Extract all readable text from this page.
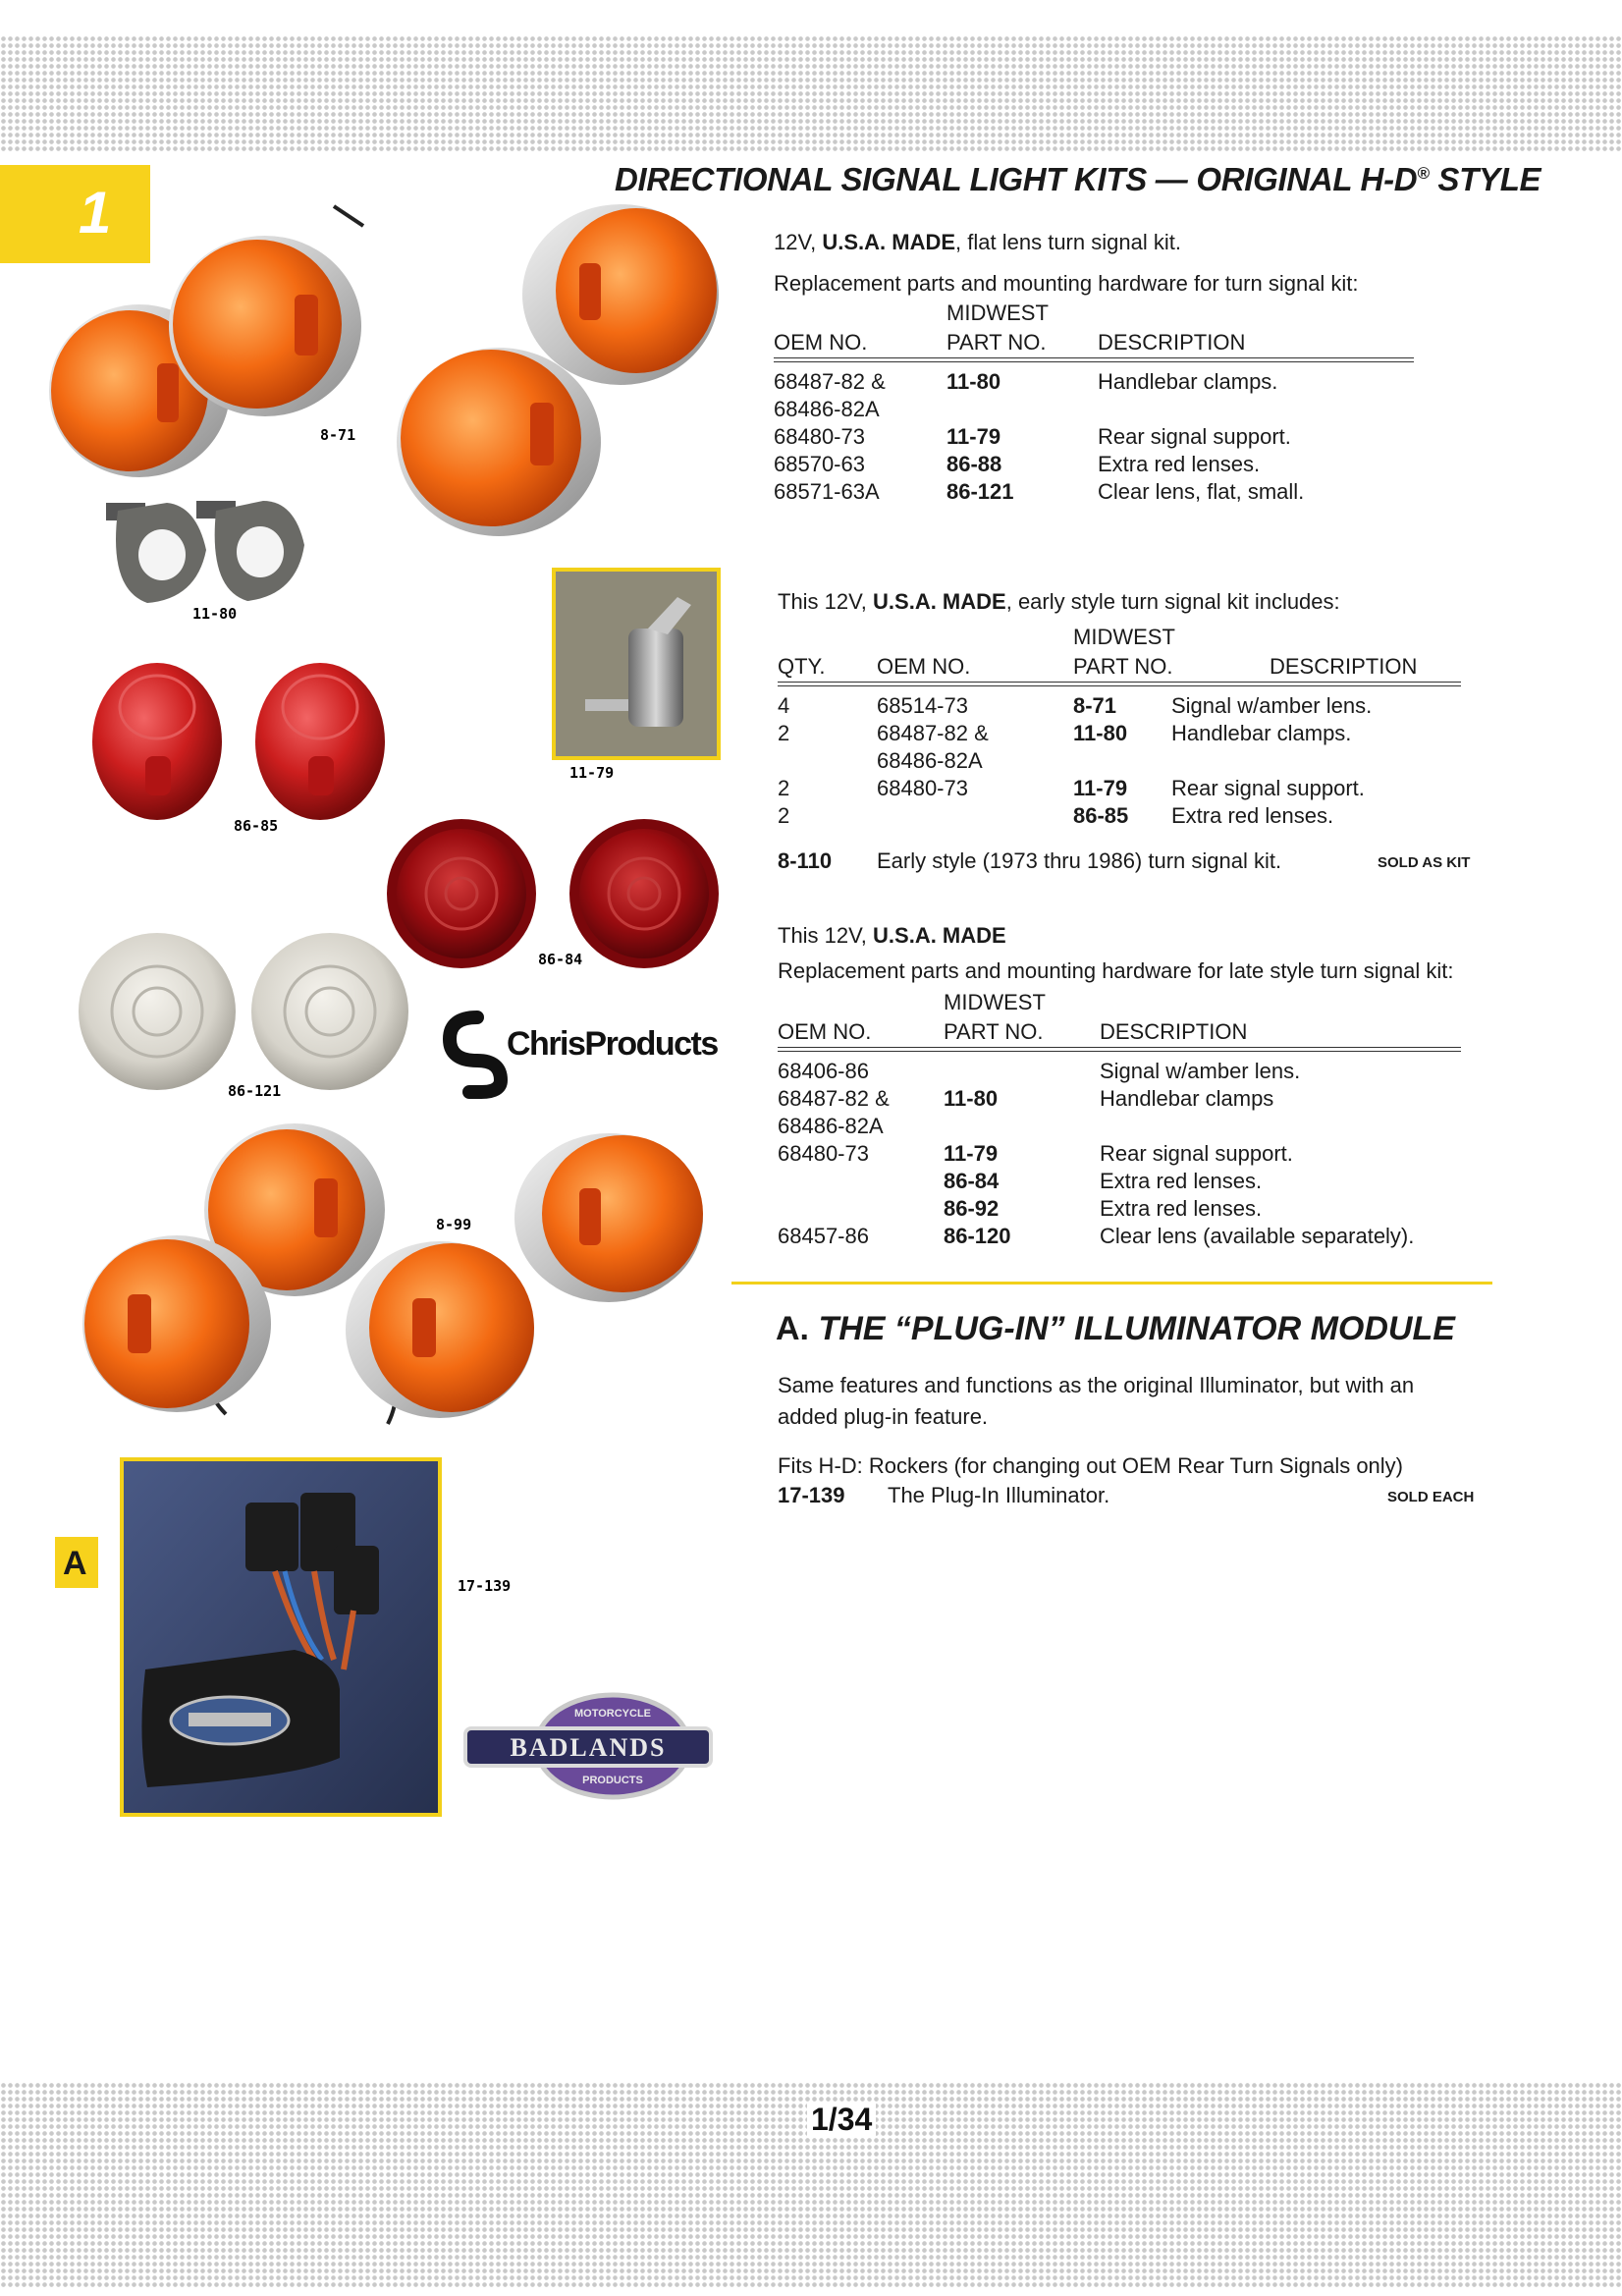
1
DIRECTIONAL SIGNAL LIGHT KITS — ORIGINAL H-D® STYLE
8-71
11-80
11-79
86-85
86-84
86-121
ChrisProducts
8-99
17-139
BADLANDS
MOTORCYCLE
PRODUCTS
A
12V, U.S.A. MADE, flat lens turn signal kit.
Replacement parts and mounting hardware for turn signal kit:
MIDWEST
OEM NO.	PART NO. DESCRIPTION
68487-82 &	11-80	Handlebar clamps.
68486-82A		
68480-73	11-79	Rear signal support.
68570-63	86-88	Extra red lenses.
68571-63A	86-121	Clear lens, flat, small.
This 12V, U.S.A. MADE, early style turn signal kit includes:
MIDWEST
QTY. OEM NO.	PART NO.	DESCRIPTION
4	68514-73	8-71	Signal w/amber lens.
2	68487-82 &	11-80	Handlebar clamps.
	68486-82A		
2	68480-73	11-79	Rear signal support.
2		86-85	Extra red lenses.
8-110 Early style (1973 thru 1986) turn signal kit.	SOLD AS KIT
This 12V, U.S.A. MADE
Replacement parts and mounting hardware for late style turn signal kit:
MIDWEST
OEM NO.	PART NO.	DESCRIPTION
68406-86		Signal w/amber lens.
68487-82 &	11-80	Handlebar clamps
68486-82A		
68480-73	11-79	Rear signal support.
	86-84	Extra red lenses.
	86-92	Extra red lenses.
68457-86	86-120	Clear lens (available separately).
A. THE “PLUG-IN” ILLUMINATOR MODULE
Same features and functions as the original Illuminator, but with an
added plug-in feature.
Fits H-D: Rockers (for changing out OEM Rear Turn Signals only)
17-139 The Plug-In Illuminator.	SOLD EACH
1/34
